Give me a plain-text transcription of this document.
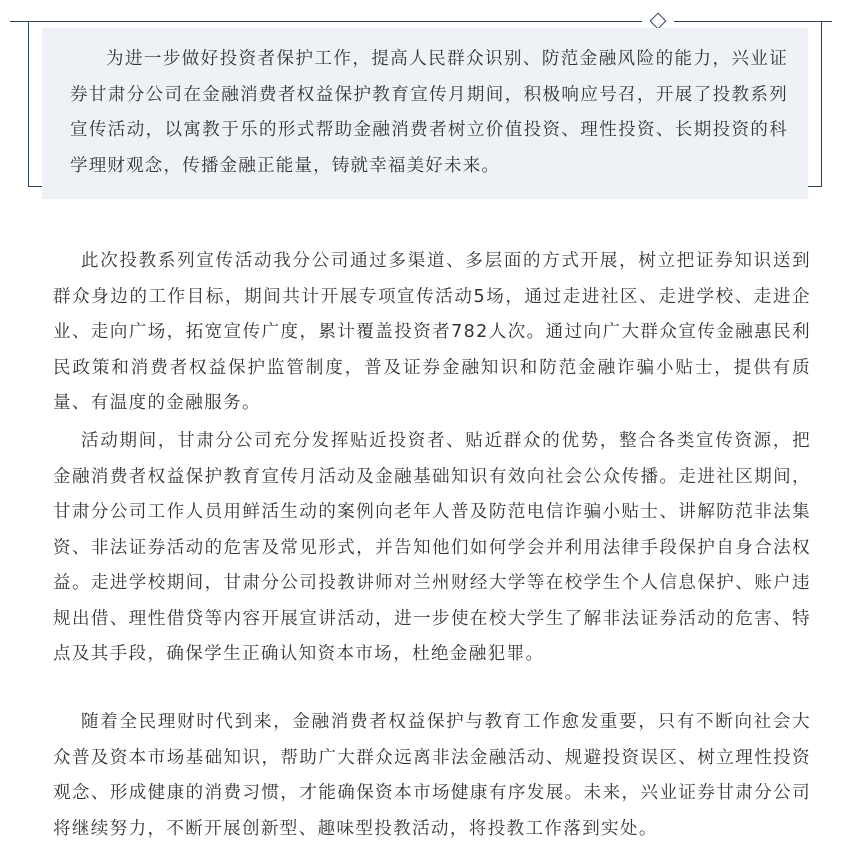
为进一步做好投资者保护工作，提高人民群众识别、防范金融风险的能力，兴业证券甘肃分公司在金融消费者权益保护教育宣传月期间，积极响应号召，开展了投教系列宣传活动，以寓教于乐的形式帮助金融消费者树立价值投资、理性投资、长期投资的科学理财观念，传播金融正能量，铸就幸福美好未来。

此次投教系列宣传活动我分公司通过多渠道、多层面的方式开展，树立把证券知识送到群众身边的工作目标，期间共计开展专项宣传活动5场，通过走进社区、走进学校、走进企业、走向广场，拓宽宣传广度，累计覆盖投资者782人次。通过向广大群众宣传金融惠民利民政策和消费者权益保护监管制度，普及证券金融知识和防范金融诈骗小贴士，提供有质量、有温度的金融服务。

活动期间，甘肃分公司充分发挥贴近投资者、贴近群众的优势，整合各类宣传资源，把金融消费者权益保护教育宣传月活动及金融基础知识有效向社会公众传播。走进社区期间，甘肃分公司工作人员用鲜活生动的案例向老年人普及防范电信诈骗小贴士、讲解防范非法集资、非法证券活动的危害及常见形式，并告知他们如何学会并利用法律手段保护自身合法权益。走进学校期间，甘肃分公司投教讲师对兰州财经大学等在校学生个人信息保护、账户违规出借、理性借贷等内容开展宣讲活动，进一步使在校大学生了解非法证券活动的危害、特点及其手段，确保学生正确认知资本市场，杜绝金融犯罪。

随着全民理财时代到来，金融消费者权益保护与教育工作愈发重要，只有不断向社会大众普及资本市场基础知识，帮助广大群众远离非法金融活动、规避投资误区、树立理性投资观念、形成健康的消费习惯，才能确保资本市场健康有序发展。未来，兴业证券甘肃分公司将继续努力，不断开展创新型、趣味型投教活动，将投教工作落到实处。
